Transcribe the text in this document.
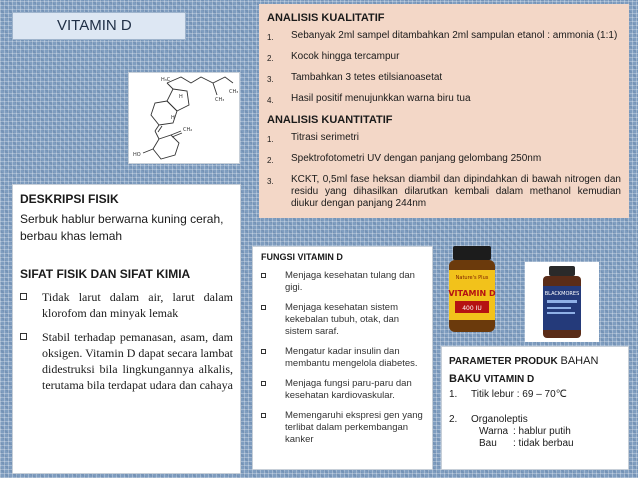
VITAMIN D
H₃C
CH₃
H	CH₃
H
CH₂
HO
DESKRIPSI FISIK
Serbuk hablur berwarna kuning cerah, berbau khas lemah
SIFAT FISIK DAN SIFAT KIMIA
Tidak larut dalam air, larut dalam klorofom dan minyak lemak
Stabil terhadap pemanasan, asam, dam oksigen. Vitamin D dapat secara lambat didestruksi bila lingkungannya alkalis, terutama bila terdapat udara dan cahaya
ANALISIS KUALITATIF
1.	Sebanyak 2ml sampel ditambahkan 2ml sampulan etanol : ammonia (1:1)
2.	Kocok hingga tercampur
3.	Tambahkan 3 tetes etilsianoasetat
4.	Hasil positif menujunkkan warna biru tua
ANALISIS KUANTITATIF
1.	Titrasi serimetri
2.	Spektrofotometri UV dengan panjang gelombang 250nm
3.	KCKT, 0,5ml fase heksan diambil dan dipindahkan di bawah nitrogen dan residu yang dihasilkan dilarutkan kembali dalam methanol kemudian diukur dengan panjang 244nm
FUNGSI VITAMIN D
Menjaga kesehatan tulang dan gigi.
Menjaga kesehatan sistem kekebalan tubuh, otak, dan sistem saraf.
Mengatur kadar insulin dan membantu mengelola diabetes.
Menjaga fungsi paru-paru dan kesehatan kardiovaskular.
Memengaruhi ekspresi gen yang terlibat dalam perkembangan kanker
Nature's Plus
VITAMIN D
400 IU
BLACKMORES
PARAMETER PRODUK BAHAN
BAKU VITAMIN D
1.	Titik lebur : 69 – 70℃
2.	Organoleptis
Warna : hablur putih
Bau : tidak berbau
